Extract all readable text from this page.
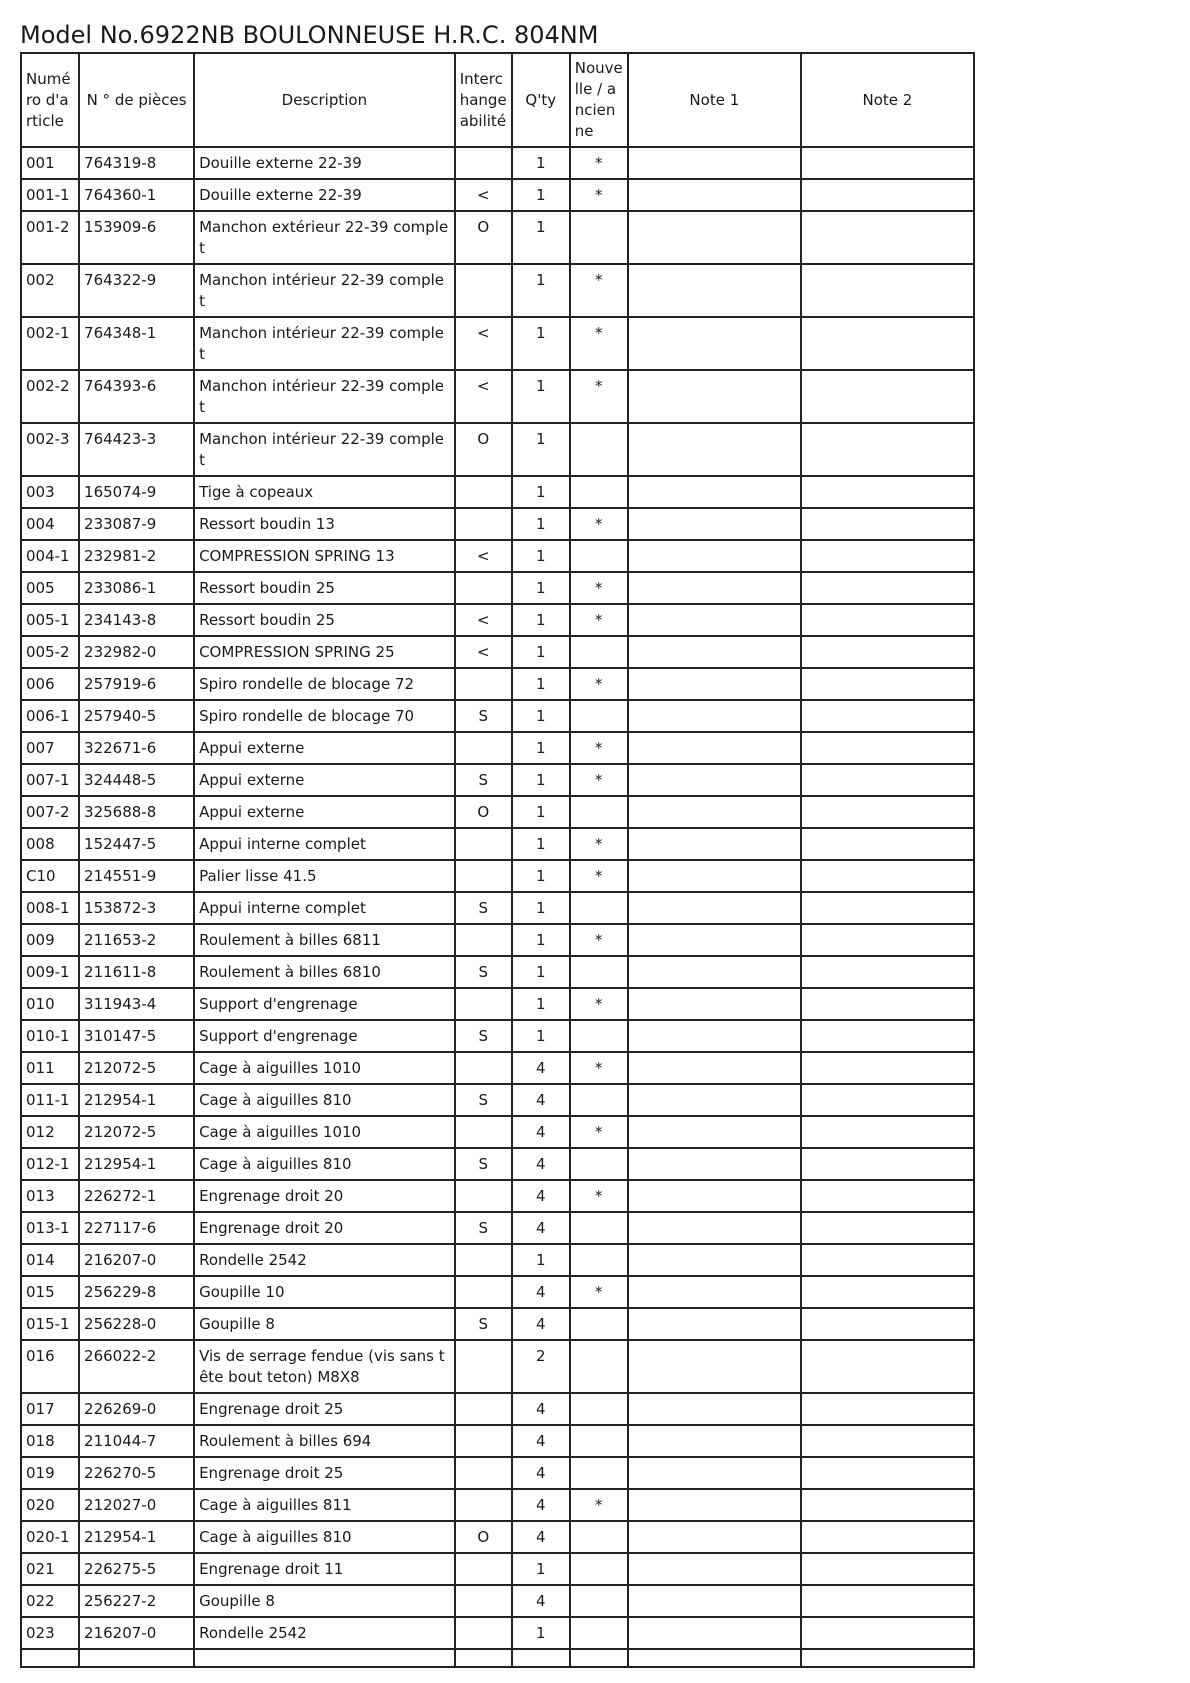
Model No.6922NB BOULONNEUSE H.R.C. 804NM
Numéro d'article	N ° de pièces	Description	Interchangeabilité	Q'ty	Nouvelle / ancienne	Note 1	Note 2
001	764319-8	Douille externe 22-39		1	*		
001-1	764360-1	Douille externe 22-39	<	1	*		
001-2	153909-6	Manchon extérieur 22-39 complet	O	1			
002	764322-9	Manchon intérieur 22-39 complet		1	*		
002-1	764348-1	Manchon intérieur 22-39 complet	<	1	*		
002-2	764393-6	Manchon intérieur 22-39 complet	<	1	*		
002-3	764423-3	Manchon intérieur 22-39 complet	O	1			
003	165074-9	Tige à copeaux		1			
004	233087-9	Ressort boudin 13		1	*		
004-1	232981-2	COMPRESSION SPRING 13	<	1			
005	233086-1	Ressort boudin 25		1	*		
005-1	234143-8	Ressort boudin 25	<	1	*		
005-2	232982-0	COMPRESSION SPRING 25	<	1			
006	257919-6	Spiro rondelle de blocage 72		1	*		
006-1	257940-5	Spiro rondelle de blocage 70	S	1			
007	322671-6	Appui externe		1	*		
007-1	324448-5	Appui externe	S	1	*		
007-2	325688-8	Appui externe	O	1			
008	152447-5	Appui interne complet		1	*		
C10	214551-9	Palier lisse 41.5		1	*		
008-1	153872-3	Appui interne complet	S	1			
009	211653-2	Roulement à billes 6811		1	*		
009-1	211611-8	Roulement à billes 6810	S	1			
010	311943-4	Support d'engrenage		1	*		
010-1	310147-5	Support d'engrenage	S	1			
011	212072-5	Cage à aiguilles 1010		4	*		
011-1	212954-1	Cage à aiguilles 810	S	4			
012	212072-5	Cage à aiguilles 1010		4	*		
012-1	212954-1	Cage à aiguilles 810	S	4			
013	226272-1	Engrenage droit 20		4	*		
013-1	227117-6	Engrenage droit 20	S	4			
014	216207-0	Rondelle 2542		1			
015	256229-8	Goupille 10		4	*		
015-1	256228-0	Goupille 8	S	4			
016	266022-2	Vis de serrage fendue (vis sans tête bout teton) M8X8		2			
017	226269-0	Engrenage droit 25		4			
018	211044-7	Roulement à billes 694		4			
019	226270-5	Engrenage droit 25		4			
020	212027-0	Cage à aiguilles 811		4	*		
020-1	212954-1	Cage à aiguilles 810	O	4			
021	226275-5	Engrenage droit 11		1			
022	256227-2	Goupille 8		4			
023	216207-0	Rondelle 2542		1			
